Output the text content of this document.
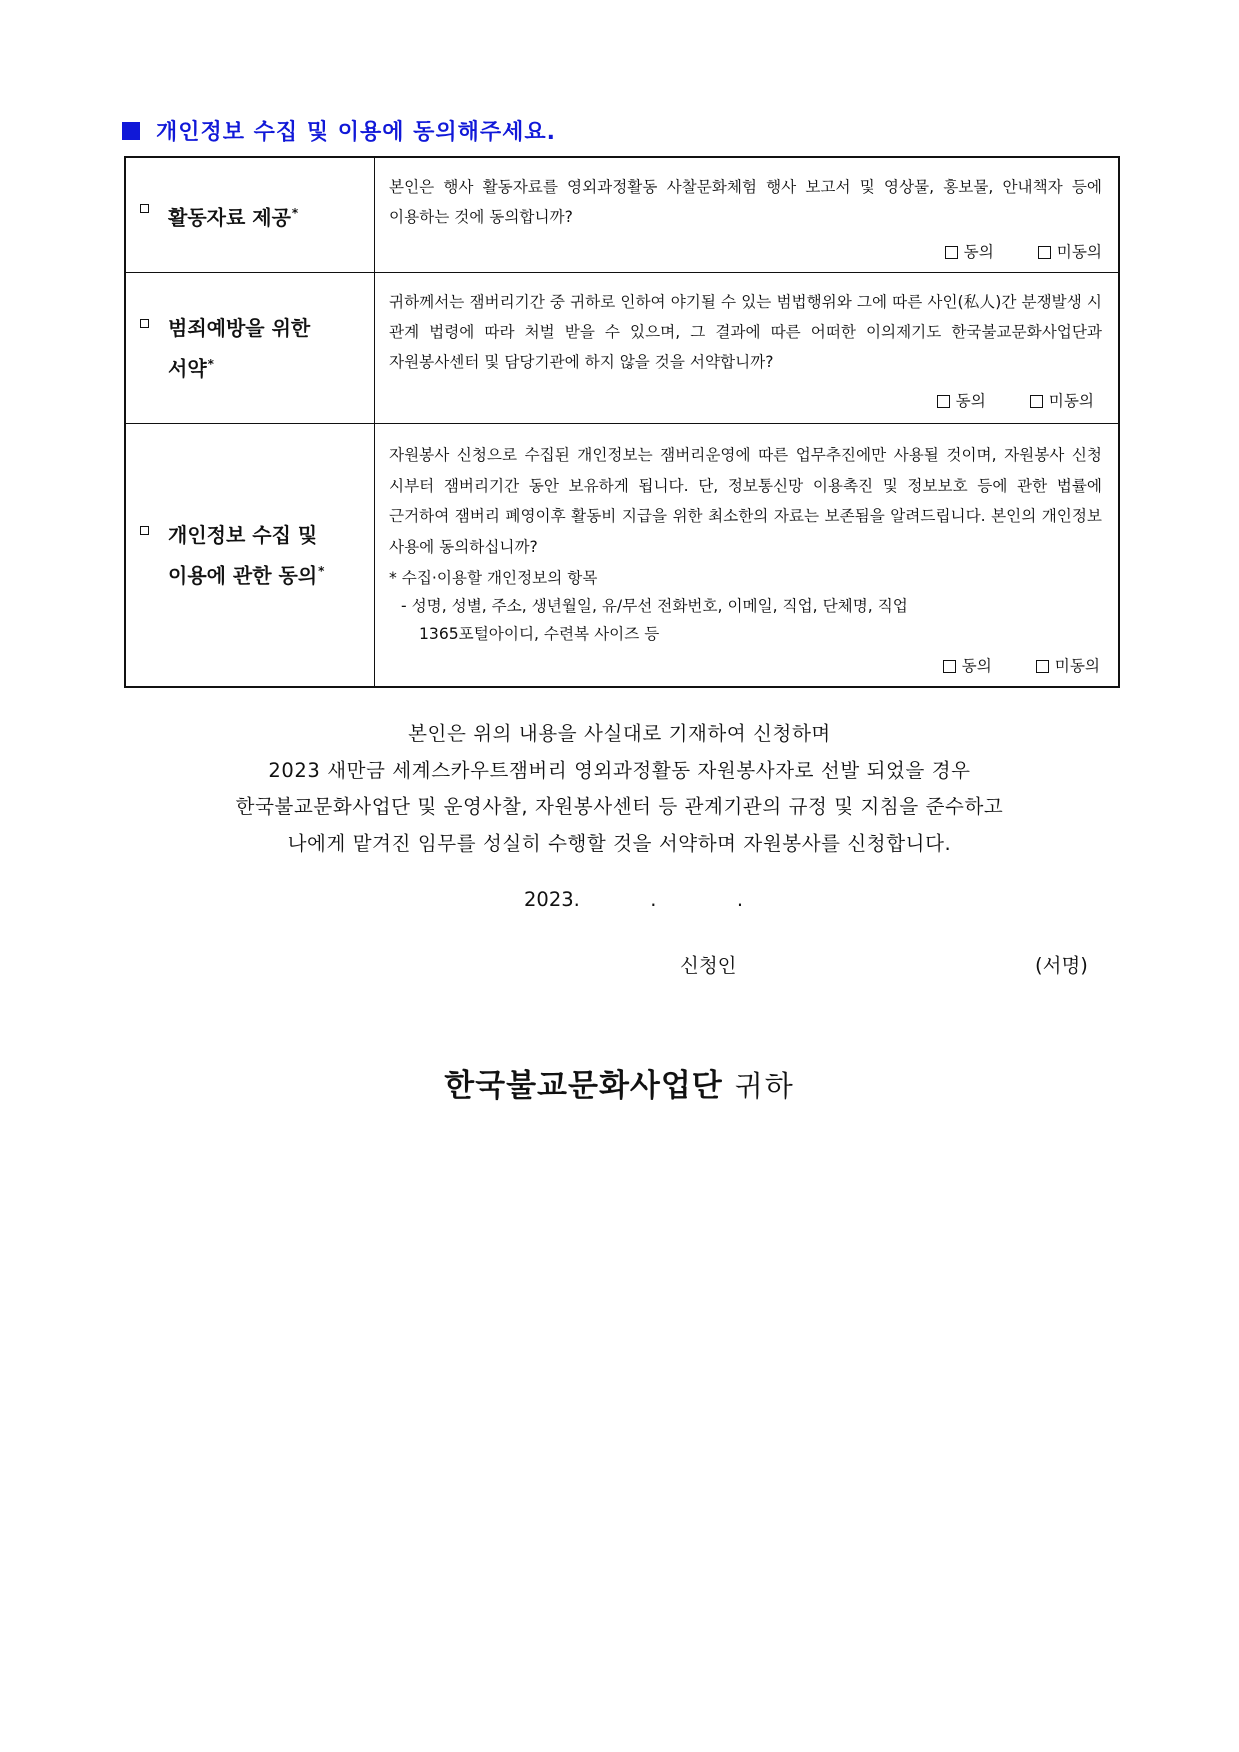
개인정보 수집 및 이용에 동의해주세요.
활동자료 제공*

본인은 행사 활동자료를 영외과정활동 사찰문화체험 행사 보고서 및 영상물, 홍보물, 안내책자 등에 이용하는 것에 동의합니까?

동의	미동의
범죄예방을 위한
서약*

귀하께서는 잼버리기간 중 귀하로 인하여 야기될 수 있는 범법행위와 그에 따른 사인(私人)간 분쟁발생 시 관계 법령에 따라 처벌 받을 수 있으며, 그 결과에 따른 어떠한 이의제기도 한국불교문화사업단과 자원봉사센터 및 담당기관에 하지 않을 것을 서약합니까?

동의	미동의
개인정보 수집 및
이용에 관한 동의*

자원봉사 신청으로 수집된 개인정보는 잼버리운영에 따른 업무추진에만 사용될 것이며, 자원봉사 신청 시부터 잼버리기간 동안 보유하게 됩니다. 단, 정보통신망 이용촉진 및 정보보호 등에 관한 법률에 근거하여 잼버리 폐영이후 활동비 지급을 위한 최소한의 자료는 보존됨을 알려드립니다. 본인의 개인정보 사용에 동의하십니까?

* 수집·이용할 개인정보의 항목
- 성명, 성별, 주소, 생년월일, 유/무선 전화번호, 이메일, 직업, 단체명, 직업
1365포털아이디, 수련복 사이즈 등
동의	미동의
본인은 위의 내용을 사실대로 기재하여 신청하며
2023 새만금 세계스카우트잼버리 영외과정활동 자원봉사자로 선발 되었을 경우
한국불교문화사업단 및 운영사찰, 자원봉사센터 등 관계기관의 규정 및 지침을 준수하고
나에게 맡겨진 임무를 성실히 수행할 것을 서약하며 자원봉사를 신청합니다.
2023.	.	.
신청인	(서명)
한국불교문화사업단 귀하
